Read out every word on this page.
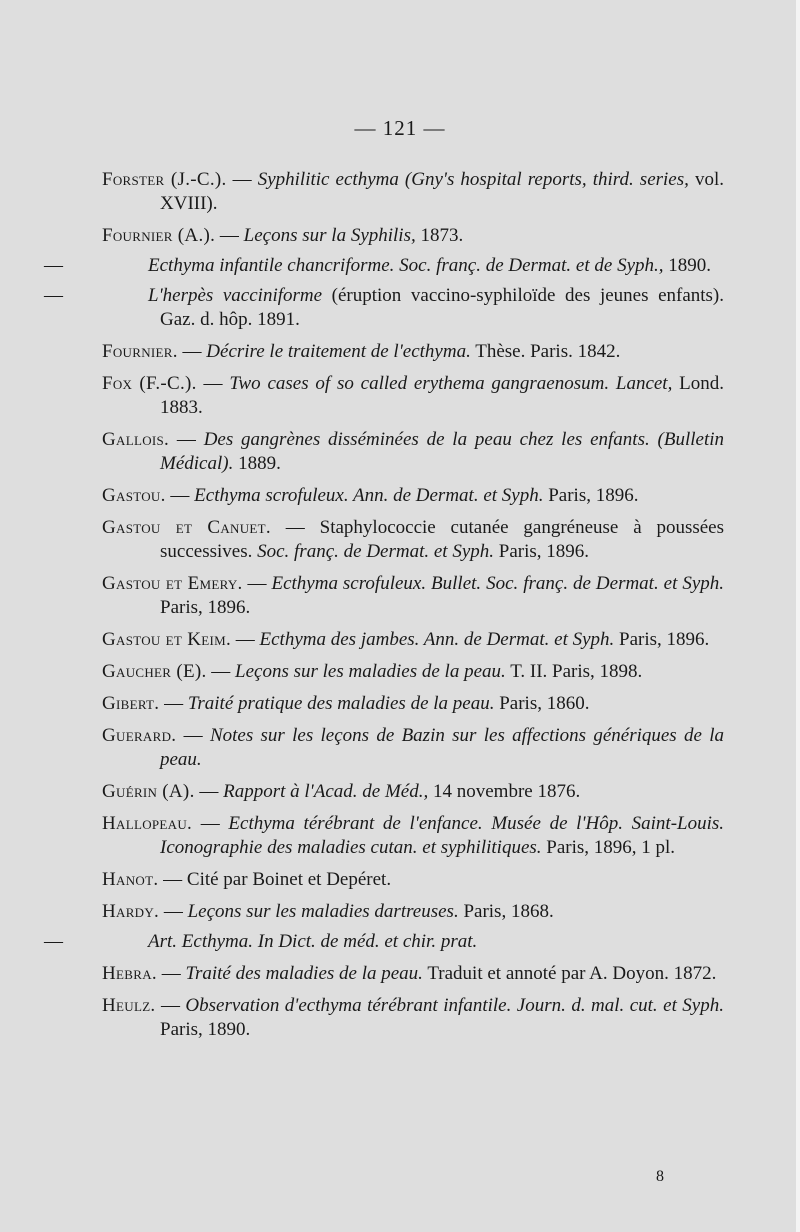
— 121 —
Forster (J.-C.). — Syphilitic ecthyma (Gny's hospital reports, third. series, vol. XVIII).
Fournier (A.). — Leçons sur la Syphilis, 1873.
—	Ecthyma infantile chancriforme. Soc. franç. de Dermat. et de Syph., 1890.
—	L'herpès vacciniforme (éruption vaccino-syphiloïde des jeunes enfants). Gaz. d. hôp. 1891.
Fournier. — Décrire le traitement de l'ecthyma. Thèse. Paris. 1842.
Fox (F.-C.). — Two cases of so called erythema gangraenosum. Lancet, Lond. 1883.
Gallois. — Des gangrènes disséminées de la peau chez les enfants. (Bulletin Médical). 1889.
Gastou. — Ecthyma scrofuleux. Ann. de Dermat. et Syph. Paris, 1896.
Gastou et Canuet. — Staphylococcie cutanée gangréneuse à poussées successives. Soc. franç. de Dermat. et Syph. Paris, 1896.
Gastou et Emery. — Ecthyma scrofuleux. Bullet. Soc. franç. de Dermat. et Syph. Paris, 1896.
Gastou et Keim. — Ecthyma des jambes. Ann. de Dermat. et Syph. Paris, 1896.
Gaucher (E). — Leçons sur les maladies de la peau. T. II. Paris, 1898.
Gibert. — Traité pratique des maladies de la peau. Paris, 1860.
Guerard. — Notes sur les leçons de Bazin sur les affections génériques de la peau.
Guérin (A). — Rapport à l'Acad. de Méd., 14 novembre 1876.
Hallopeau. — Ecthyma térébrant de l'enfance. Musée de l'Hôp. Saint-Louis. Iconographie des maladies cutan. et syphilitiques. Paris, 1896, 1 pl.
Hanot. — Cité par Boinet et Depéret.
Hardy. — Leçons sur les maladies dartreuses. Paris, 1868.
—	Art. Ecthyma. In Dict. de méd. et chir. prat.
Hebra. — Traité des maladies de la peau. Traduit et annoté par A. Doyon. 1872.
Heulz. — Observation d'ecthyma térébrant infantile. Journ. d. mal. cut. et Syph. Paris, 1890.
8
